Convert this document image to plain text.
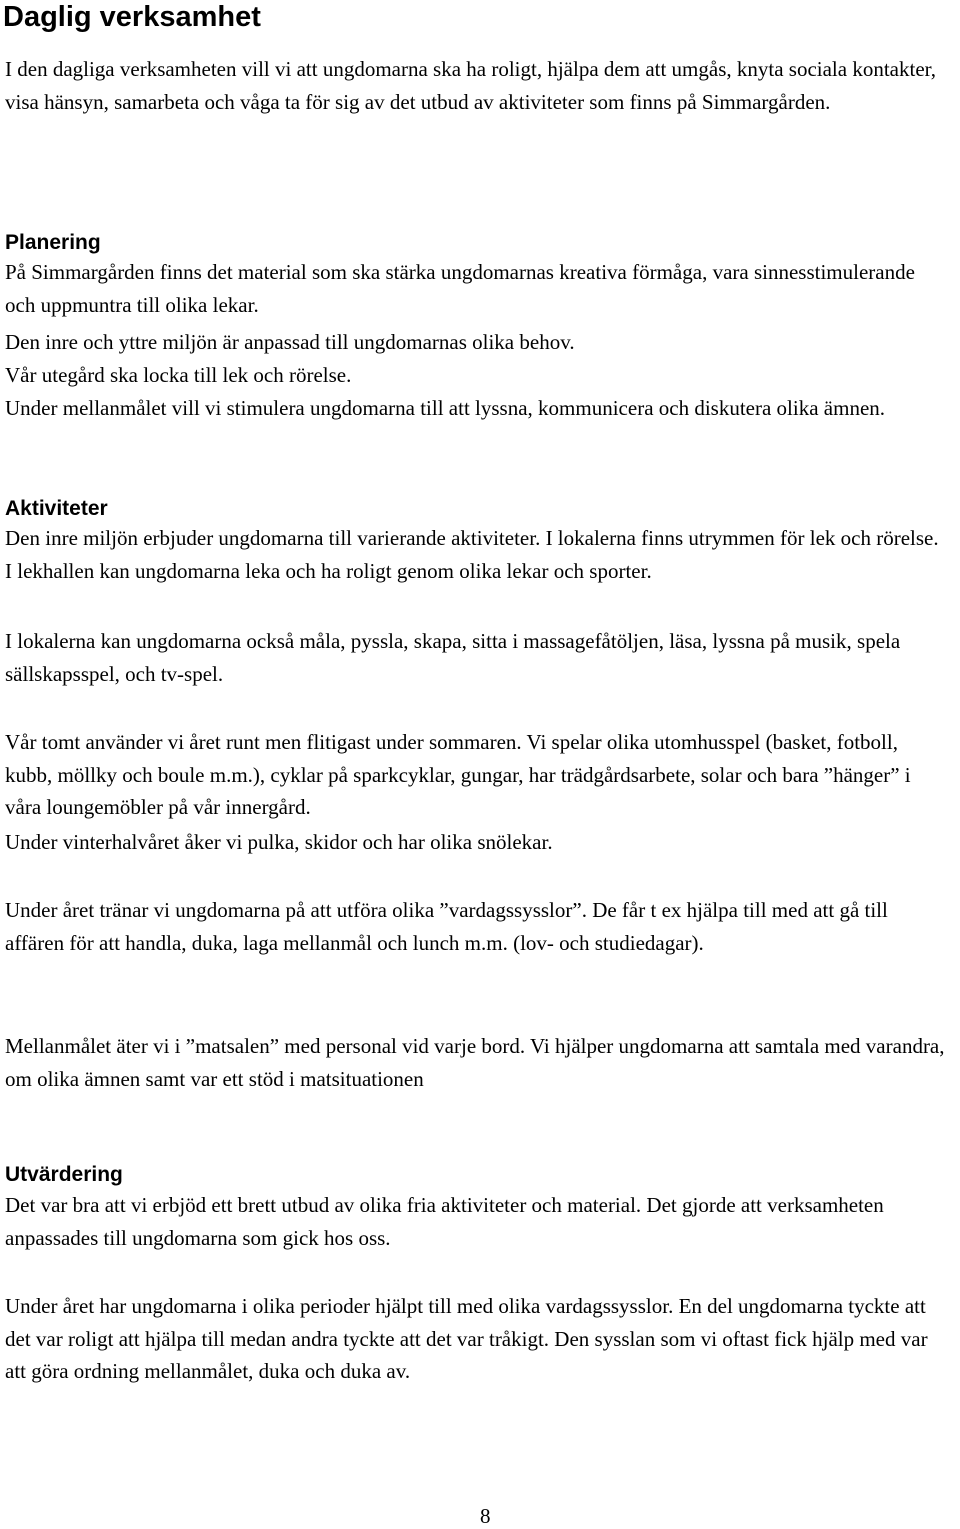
Daglig verksamhet

I den dagliga verksamheten vill vi att ungdomarna ska ha roligt, hjälpa dem att umgås, knyta sociala kontakter, visa hänsyn, samarbeta och våga ta för sig av det utbud av aktiviteter som finns på Simmargården.

Planering

På Simmargården finns det material som ska stärka ungdomarnas kreativa förmåga, vara sinnesstimulerande och uppmuntra till olika lekar.

Den inre och yttre miljön är anpassad till ungdomarnas olika behov.

Vår utegård ska locka till lek och rörelse.

Under mellanmålet vill vi stimulera ungdomarna till att lyssna, kommunicera och diskutera olika ämnen.

Aktiviteter

Den inre miljön erbjuder ungdomarna till varierande aktiviteter. I lokalerna finns utrymmen för lek och rörelse. I lekhallen kan ungdomarna leka och ha roligt genom olika lekar och sporter.

I lokalerna kan ungdomarna också måla, pyssla, skapa, sitta i massagefåtöljen, läsa, lyssna på musik, spela sällskapsspel, och tv-spel.

Vår tomt använder vi året runt men flitigast under sommaren. Vi spelar olika utomhusspel (basket, fotboll, kubb, möllky och boule m.m.), cyklar på sparkcyklar, gungar, har trädgårdsarbete, solar och bara ”hänger” i våra loungemöbler på vår innergård.

Under vinterhalvåret åker vi pulka, skidor och har olika snölekar.

Under året tränar vi ungdomarna på att utföra olika ”vardagssysslor”. De får t ex hjälpa till med att gå till affären för att handla, duka, laga mellanmål och lunch m.m. (lov- och studiedagar).

Mellanmålet äter vi i ”matsalen” med personal vid varje bord. Vi hjälper ungdomarna att samtala med varandra, om olika ämnen samt var ett stöd i matsituationen

Utvärdering

Det var bra att vi erbjöd ett brett utbud av olika fria aktiviteter och material. Det gjorde att verksamheten anpassades till ungdomarna som gick hos oss.

Under året har ungdomarna i olika perioder hjälpt till med olika vardagssysslor. En del ungdomarna tyckte att det var roligt att hjälpa till medan andra tyckte att det var tråkigt. Den sysslan som vi oftast fick hjälp med var att göra ordning mellanmålet, duka och duka av.

8
